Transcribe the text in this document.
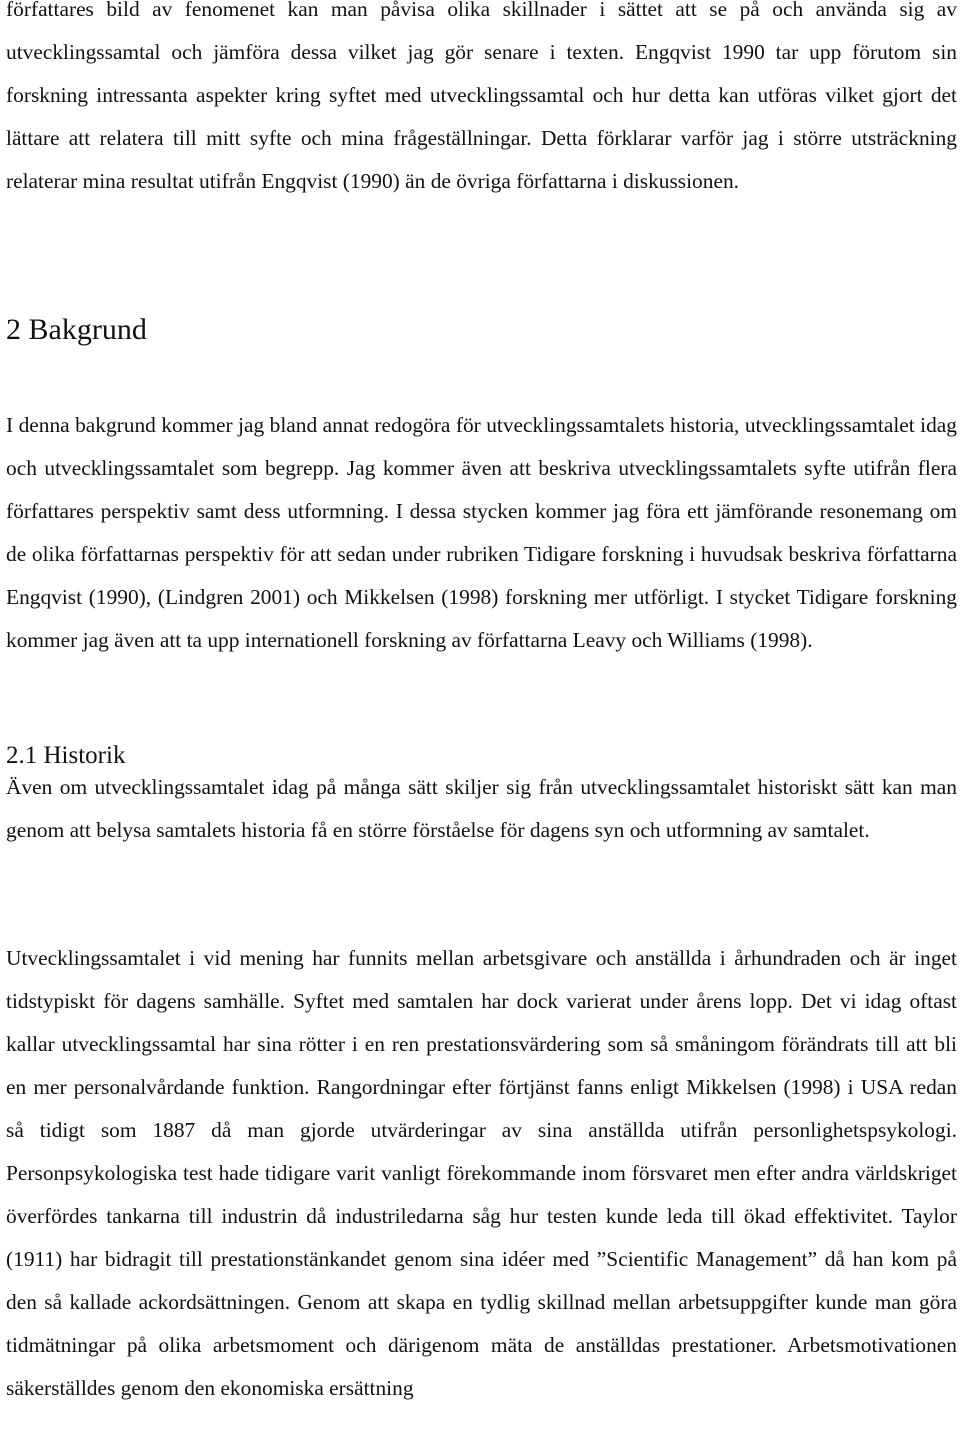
författares bild av fenomenet kan man påvisa olika skillnader i sättet att se på och använda sig av utvecklingssamtal och jämföra dessa vilket jag gör senare i texten. Engqvist 1990 tar upp förutom sin forskning intressanta aspekter kring syftet med utvecklingssamtal och hur detta kan utföras vilket gjort det lättare att relatera till mitt syfte och mina frågeställningar. Detta förklarar varför jag i större utsträckning relaterar mina resultat utifrån Engqvist (1990) än de övriga författarna i diskussionen.

2 Bakgrund

I denna bakgrund kommer jag bland annat redogöra för utvecklingssamtalets historia, utvecklingssamtalet idag och utvecklingssamtalet som begrepp. Jag kommer även att beskriva utvecklingssamtalets syfte utifrån flera författares perspektiv samt dess utformning. I dessa stycken kommer jag föra ett jämförande resonemang om de olika författarnas perspektiv för att sedan under rubriken Tidigare forskning i huvudsak beskriva författarna Engqvist (1990), (Lindgren 2001) och Mikkelsen (1998) forskning mer utförligt. I stycket Tidigare forskning kommer jag även att ta upp internationell forskning av författarna Leavy och Williams (1998).

2.1 Historik

Även om utvecklingssamtalet idag på många sätt skiljer sig från utvecklingssamtalet historiskt sätt kan man genom att belysa samtalets historia få en större förståelse för dagens syn och utformning av samtalet.

Utvecklingssamtalet i vid mening har funnits mellan arbetsgivare och anställda i århundraden och är inget tidstypiskt för dagens samhälle. Syftet med samtalen har dock varierat under årens lopp. Det vi idag oftast kallar utvecklingssamtal har sina rötter i en ren prestationsvärdering som så småningom förändrats till att bli en mer personalvårdande funktion. Rangordningar efter förtjänst fanns enligt Mikkelsen (1998) i USA redan så tidigt som 1887 då man gjorde utvärderingar av sina anställda utifrån personlighetspsykologi. Personpsykologiska test hade tidigare varit vanligt förekommande inom försvaret men efter andra världskriget överfördes tankarna till industrin då industriledarna såg hur testen kunde leda till ökad effektivitet. Taylor (1911) har bidragit till prestationstänkandet genom sina idéer med ”Scientific Management” då han kom på den så kallade ackordsättningen. Genom att skapa en tydlig skillnad mellan arbetsuppgifter kunde man göra tidmätningar på olika arbetsmoment och därigenom mäta de anställdas prestationer. Arbetsmotivationen säkerställdes genom den ekonomiska ersättning
